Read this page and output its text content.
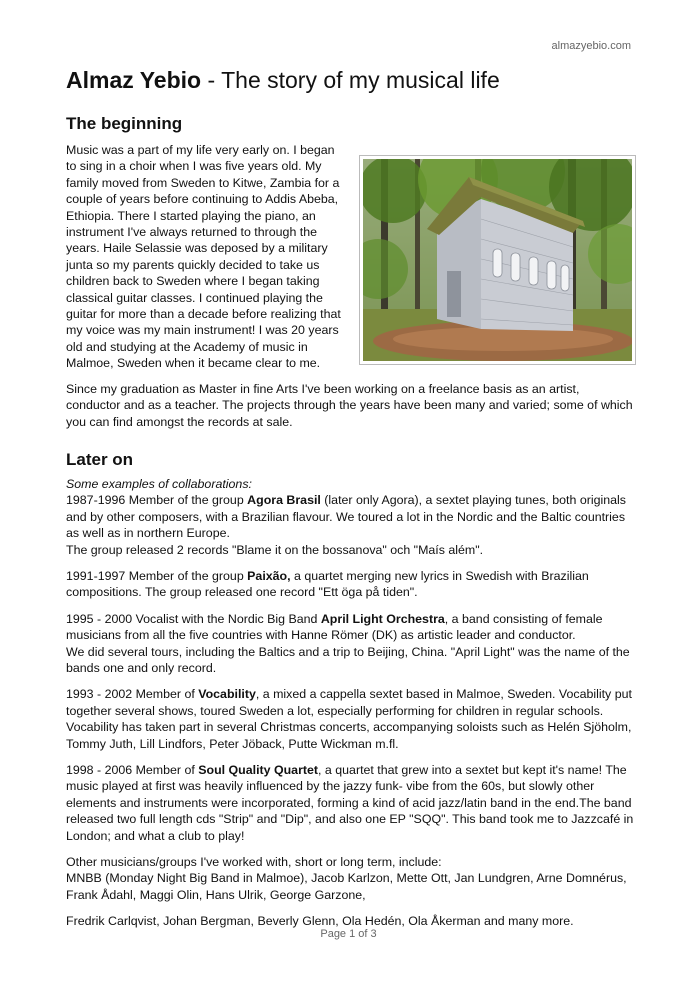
almazyebio.com
Almaz Yebio - The story of my musical life
The beginning

Music was a part of my life very early on. I began to sing in a choir when I was five years old. My family moved from Sweden to Kitwe, Zambia for a couple of years before continuing to Addis Abeba, Ethiopia. There I started playing the piano, an instrument I've always returned to through the years. Haile Selassie was deposed by a military junta so my parents quickly decided to take us children back to Sweden where I began taking classical guitar classes. I continued playing the guitar for more than a decade before realizing that my voice was my main instrument! I was 20 years old and studying at the Academy of music in Malmoe, Sweden when it became clear to me.

Since my graduation as Master in fine Arts I've been working on a freelance basis as an artist, conductor and as a teacher. The projects through the years have been many and varied; some of which you can find amongst the records at sale.

Later on

Some examples of collaborations:

1987-1996 Member of the group Agora Brasil (later only Agora), a sextet playing tunes, both originals and by other composers, with a Brazilian flavour. We toured a lot in the Nordic and the Baltic countries as well as in northern Europe.

The group released 2 records "Blame it on the bossanova" och "Maís além".

1991-1997 Member of the group Paixão, a quartet merging new lyrics in Swedish with Brazilian compositions. The group released one record "Ett öga på tiden".

1995 - 2000 Vocalist with the Nordic Big Band April Light Orchestra, a band consisting of female musicians from all the five countries with Hanne Römer (DK) as artistic leader and conductor.

We did several tours, including the Baltics and a trip to Beijing, China. "April Light" was the name of the bands one and only record.

1993 - 2002 Member of Vocability, a mixed a cappella sextet based in Malmoe, Sweden. Vocability put together several shows, toured Sweden a lot, especially performing for children in regular schools. Vocability has taken part in several Christmas concerts, accompanying soloists such as Helén Sjöholm, Tommy Juth, Lill Lindfors, Peter Jöback, Putte Wickman m.fl.

1998 - 2006 Member of Soul Quality Quartet, a quartet that grew into a sextet but kept it's name! The music played at first was heavily influenced by the jazzy funk- vibe from the 60s, but slowly other elements and instruments were incorporated, forming a kind of acid jazz/latin band in the end.The band released two full length cds "Strip" and "Dip", and also one EP "SQQ". This band took me to Jazzcafé in London; and what a club to play!

Other musicians/groups I've worked with, short or long term, include:

MNBB (Monday Night Big Band in Malmoe), Jacob Karlzon, Mette Ott, Jan Lundgren, Arne Domnérus, Frank Ådahl, Maggi Olin, Hans Ulrik, George Garzone,

Fredrik Carlqvist, Johan Bergman, Beverly Glenn, Ola Hedén, Ola Åkerman and many more.

Page 1 of 3
